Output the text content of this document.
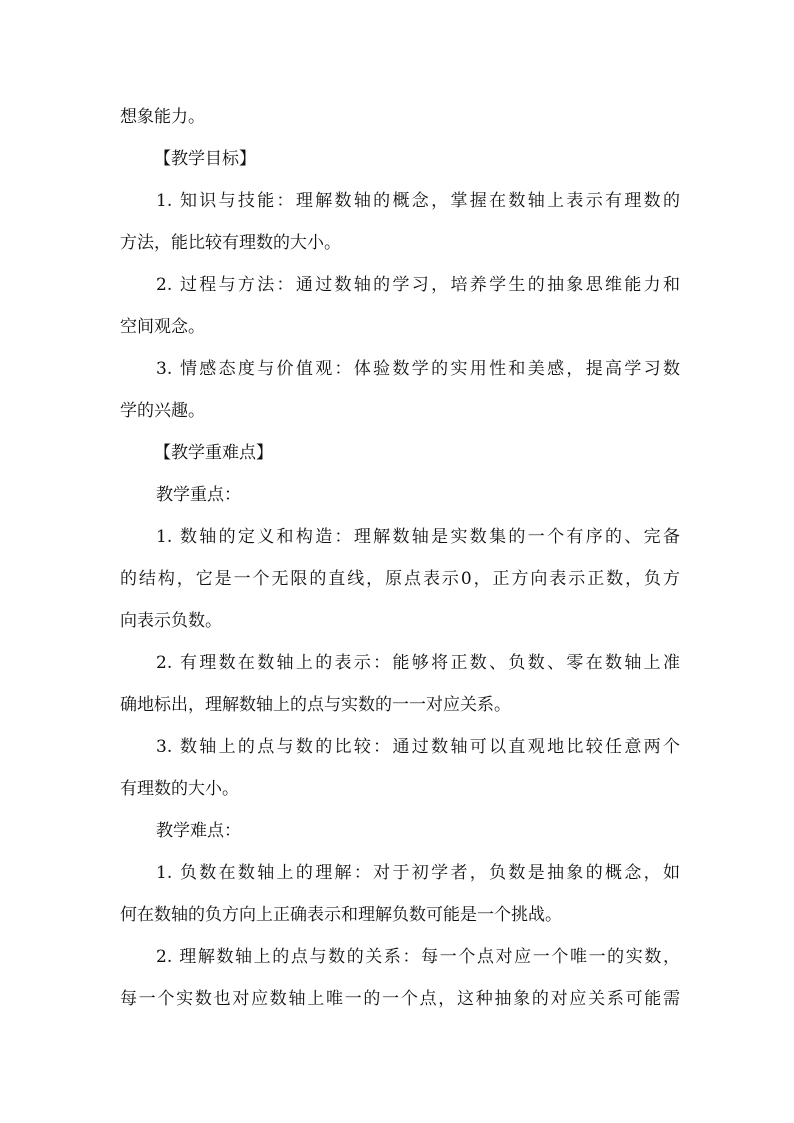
想象能力。
【教学目标】
1. 知识与技能：理解数轴的概念，掌握在数轴上表示有理数的
方法，能比较有理数的大小。
2. 过程与方法：通过数轴的学习，培养学生的抽象思维能力和
空间观念。
3. 情感态度与价值观：体验数学的实用性和美感，提高学习数
学的兴趣。
【教学重难点】
教学重点：
1. 数轴的定义和构造：理解数轴是实数集的一个有序的、完备
的结构，它是一个无限的直线，原点表示0，正方向表示正数，负方
向表示负数。
2. 有理数在数轴上的表示：能够将正数、负数、零在数轴上准
确地标出，理解数轴上的点与实数的一一对应关系。
3. 数轴上的点与数的比较：通过数轴可以直观地比较任意两个
有理数的大小。
教学难点：
1. 负数在数轴上的理解：对于初学者，负数是抽象的概念，如
何在数轴的负方向上正确表示和理解负数可能是一个挑战。
2. 理解数轴上的点与数的关系：每一个点对应一个唯一的实数，
每一个实数也对应数轴上唯一的一个点，这种抽象的对应关系可能需
